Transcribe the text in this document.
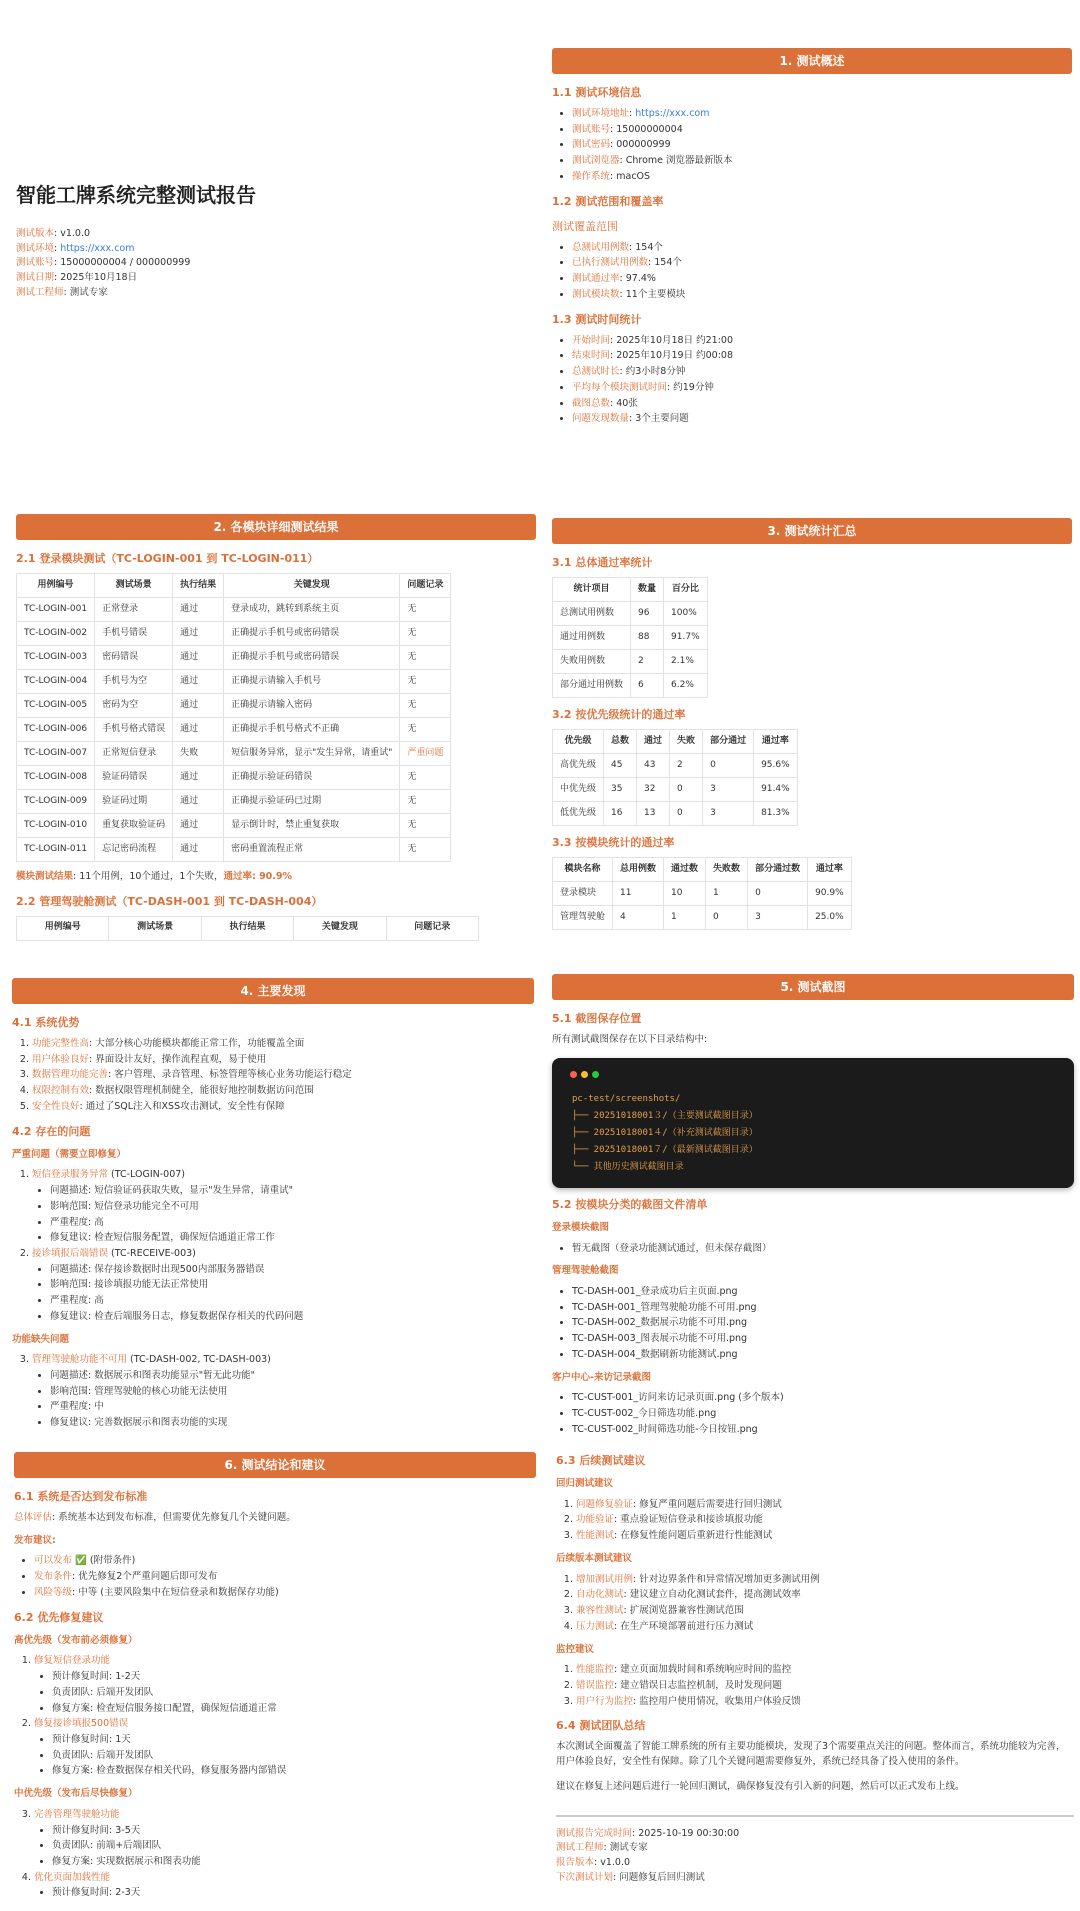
智能工牌系统完整测试报告
测试版本: v1.0.0
测试环境: https://xxx.com
测试账号: 15000000004 / 000000999
测试日期: 2025年10月18日
测试工程师: 测试专家
1. 测试概述
1.1 测试环境信息
• 测试环境地址: https://xxx.com
• 测试账号: 15000000004
• 测试密码: 000000999
• 测试浏览器: Chrome 浏览器最新版本
• 操作系统: macOS
1.2 测试范围和覆盖率
测试覆盖范围
• 总测试用例数: 154个
• 已执行测试用例数: 154个
• 测试通过率: 97.4%
• 测试模块数: 11个主要模块
1.3 测试时间统计
• 开始时间: 2025年10月18日 约21:00
• 结束时间: 2025年10月19日 约00:08
• 总测试时长: 约3小时8分钟
• 平均每个模块测试时间: 约19分钟
• 截图总数: 40张
• 问题发现数量: 3个主要问题
2. 各模块详细测试结果
2.1 登录模块测试（TC-LOGIN-001 到 TC-LOGIN-011）
用例编号	测试场景	执行结果	关键发现	问题记录
TC-LOGIN-001	正常登录	通过	登录成功，跳转到系统主页	无
TC-LOGIN-002	手机号错误	通过	正确提示手机号或密码错误	无
TC-LOGIN-003	密码错误	通过	正确提示手机号或密码错误	无
TC-LOGIN-004	手机号为空	通过	正确提示请输入手机号	无
TC-LOGIN-005	密码为空	通过	正确提示请输入密码	无
TC-LOGIN-006	手机号格式错误	通过	正确提示手机号格式不正确	无
TC-LOGIN-007	正常短信登录	失败	短信服务异常，显示"发生异常，请重试"	严重问题
TC-LOGIN-008	验证码错误	通过	正确提示验证码错误	无
TC-LOGIN-009	验证码过期	通过	正确提示验证码已过期	无
TC-LOGIN-010	重复获取验证码	通过	显示倒计时，禁止重复获取	无
TC-LOGIN-011	忘记密码流程	通过	密码重置流程正常	无
模块测试结果: 11个用例，10个通过，1个失败，通过率: 90.9%
2.2 管理驾驶舱测试（TC-DASH-001 到 TC-DASH-004）
用例编号	测试场景	执行结果	关键发现	问题记录
3. 测试统计汇总
3.1 总体通过率统计
统计项目	数量	百分比
总测试用例数	96	100%
通过用例数	88	91.7%
失败用例数	2	2.1%
部分通过用例数	6	6.2%
3.2 按优先级统计的通过率
优先级	总数	通过	失败	部分通过	通过率
高优先级	45	43	2	0	95.6%
中优先级	35	32	0	3	91.4%
低优先级	16	13	0	3	81.3%
3.3 按模块统计的通过率
模块名称	总用例数	通过数	失败数	部分通过数	通过率
登录模块	11	10	1	0	90.9%
管理驾驶舱	4	1	0	3	25.0%
4. 主要发现
4.1 系统优势
1. 功能完整性高: 大部分核心功能模块都能正常工作，功能覆盖全面
2. 用户体验良好: 界面设计友好，操作流程直观，易于使用
3. 数据管理功能完善: 客户管理、录音管理、标签管理等核心业务功能运行稳定
4. 权限控制有效: 数据权限管理机制健全，能很好地控制数据访问范围
5. 安全性良好: 通过了SQL注入和XSS攻击测试，安全性有保障
4.2 存在的问题
严重问题（需要立即修复）
1. 短信登录服务异常 (TC-LOGIN-007)
• 问题描述: 短信验证码获取失败，显示"发生异常，请重试"
• 影响范围: 短信登录功能完全不可用
• 严重程度: 高
• 修复建议: 检查短信服务配置，确保短信通道正常工作
2. 接诊填报后端错误 (TC-RECEIVE-003)
• 问题描述: 保存接诊数据时出现500内部服务器错误
• 影响范围: 接诊填报功能无法正常使用
• 严重程度: 高
• 修复建议: 检查后端服务日志，修复数据保存相关的代码问题
功能缺失问题
3. 管理驾驶舱功能不可用 (TC-DASH-002, TC-DASH-003)
• 问题描述: 数据展示和图表功能显示"暂无此功能"
• 影响范围: 管理驾驶舱的核心功能无法使用
• 严重程度: 中
• 修复建议: 完善数据展示和图表功能的实现
5. 测试截图
5.1 截图保存位置

所有测试截图保存在以下目录结构中:

pc-test/screenshots/
├── 20251018001３/（主要测试截图目录）
├── 20251018001４/（补充测试截图目录）
├── 20251018001７/（最新测试截图目录）
└── 其他历史测试截图目录
5.2 按模块分类的截图文件清单
登录模块截图
• 暂无截图（登录功能测试通过，但未保存截图）
管理驾驶舱截图
• TC-DASH-001_登录成功后主页面.png
• TC-DASH-001_管理驾驶舱功能不可用.png
• TC-DASH-002_数据展示功能不可用.png
• TC-DASH-003_图表展示功能不可用.png
• TC-DASH-004_数据刷新功能测试.png
客户中心-来访记录截图
• TC-CUST-001_访问来访记录页面.png (多个版本)
• TC-CUST-002_今日筛选功能.png
• TC-CUST-002_时间筛选功能-今日按钮.png
6. 测试结论和建议
6.1 系统是否达到发布标准

总体评估: 系统基本达到发布标准，但需要优先修复几个关键问题。

发布建议:
• 可以发布 ✅ (附带条件)
• 发布条件: 优先修复2个严重问题后即可发布
• 风险等级: 中等 (主要风险集中在短信登录和数据保存功能)
6.2 优先修复建议
高优先级（发布前必须修复）
1. 修复短信登录功能
• 预计修复时间: 1-2天
• 负责团队: 后端开发团队
• 修复方案: 检查短信服务接口配置，确保短信通道正常
2. 修复接诊填报500错误
• 预计修复时间: 1天
• 负责团队: 后端开发团队
• 修复方案: 检查数据保存相关代码，修复服务器内部错误
中优先级（发布后尽快修复）
3. 完善管理驾驶舱功能
• 预计修复时间: 3-5天
• 负责团队: 前端+后端团队
• 修复方案: 实现数据展示和图表功能
4. 优化页面加载性能
• 预计修复时间: 2-3天
6.3 后续测试建议
回归测试建议
1. 问题修复验证: 修复严重问题后需要进行回归测试
2. 功能验证: 重点验证短信登录和接诊填报功能
3. 性能测试: 在修复性能问题后重新进行性能测试
后续版本测试建议
1. 增加测试用例: 针对边界条件和异常情况增加更多测试用例
2. 自动化测试: 建议建立自动化测试套件，提高测试效率
3. 兼容性测试: 扩展浏览器兼容性测试范围
4. 压力测试: 在生产环境部署前进行压力测试
监控建议
1. 性能监控: 建立页面加载时间和系统响应时间的监控
2. 错误监控: 建立错误日志监控机制，及时发现问题
3. 用户行为监控: 监控用户使用情况，收集用户体验反馈
6.4 测试团队总结

本次测试全面覆盖了智能工牌系统的所有主要功能模块，发现了3个需要重点关注的问题。整体而言，系统功能较为完善，用户体验良好，安全性有保障。除了几个关键问题需要修复外，系统已经具备了投入使用的条件。

建议在修复上述问题后进行一轮回归测试，确保修复没有引入新的问题，然后可以正式发布上线。

测试报告完成时间: 2025-10-19 00:30:00
测试工程师: 测试专家
报告版本: v1.0.0
下次测试计划: 问题修复后回归测试
